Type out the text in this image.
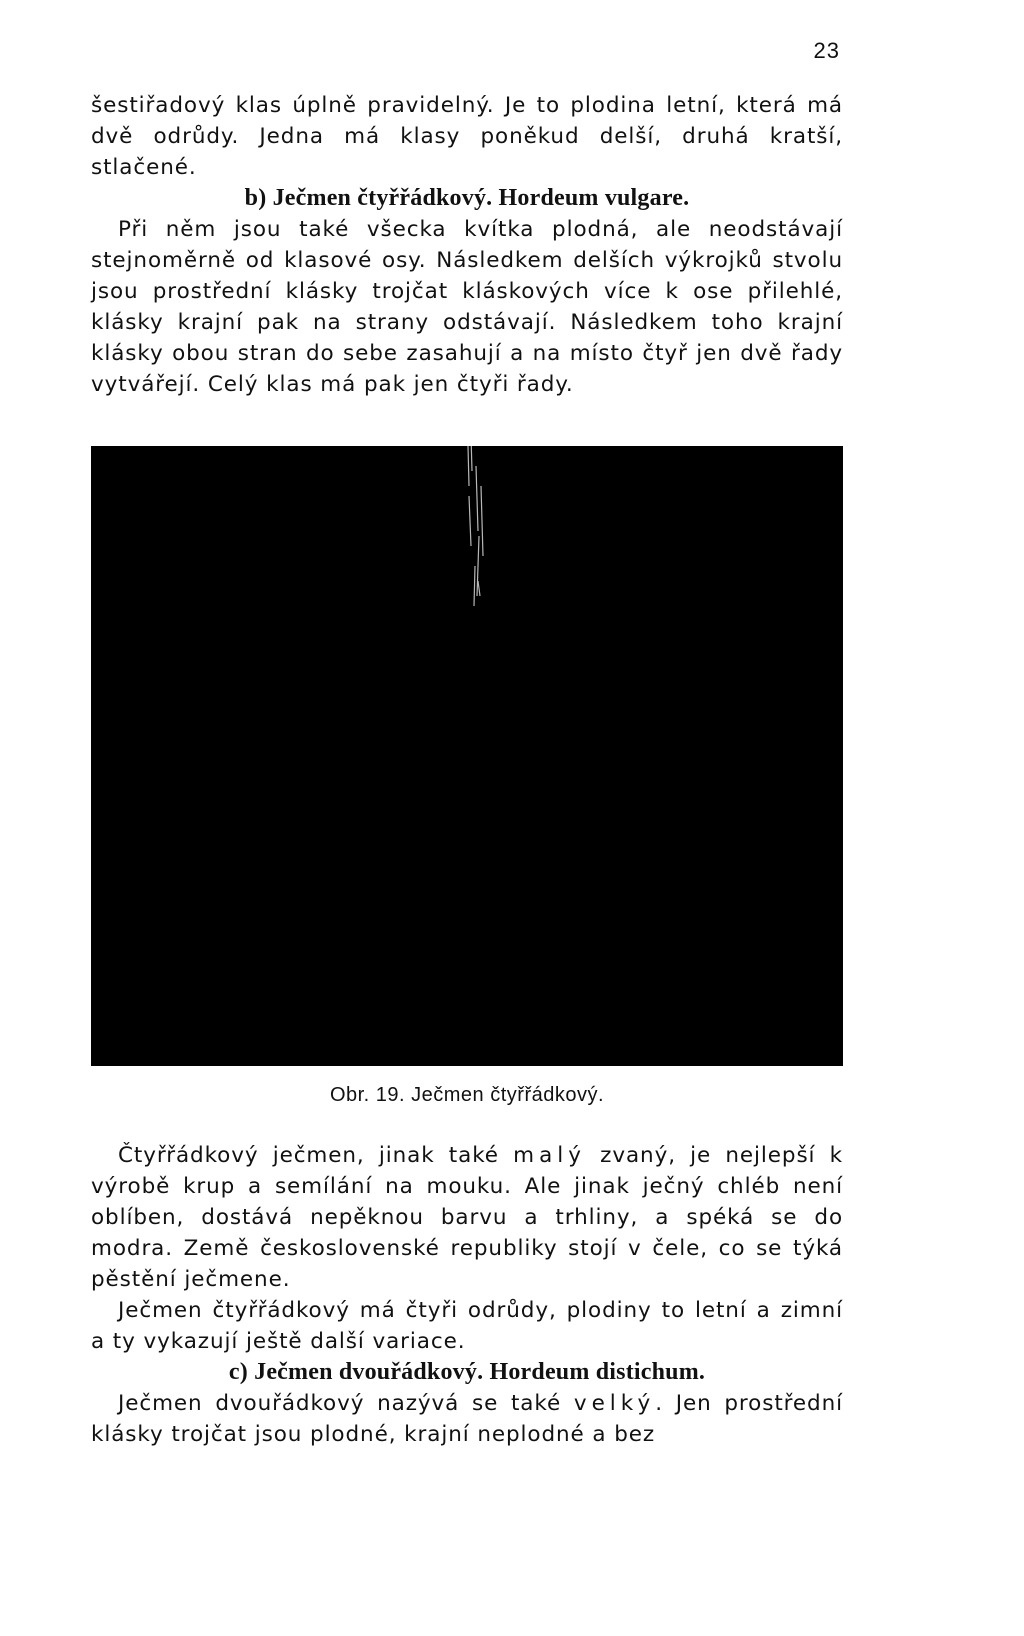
23

šestiřadový klas úplně pravidelný. Je to plodina letní, která má dvě odrůdy. Jedna má klasy poněkud delší, druhá kratší, stlačené.

b) Ječmen čtyřřádkový. Hordeum vulgare.

Při něm jsou také všecka kvítka plodná, ale neodstávají stejnoměrně od klasové osy. Následkem delších výkrojků stvolu jsou prostřední klásky trojčat kláskových více k ose přilehlé, klásky krajní pak na strany odstávají. Následkem toho krajní klásky obou stran do sebe zasahují a na místo čtyř jen dvě řady vytvářejí. Celý klas má pak jen čtyři řady.

Obr. 19. Ječmen čtyřřádkový.

Čtyřřádkový ječmen, jinak také malý zvaný, je nejlepší k výrobě krup a semílání na mouku. Ale jinak ječný chléb není oblíben, dostává nepěknou barvu a trhliny, a spéká se do modra. Země československé republiky stojí v čele, co se týká pěstění ječmene.

Ječmen čtyřřádkový má čtyři odrůdy, plodiny to letní a zimní a ty vykazují ještě další variace.

c) Ječmen dvouřádkový. Hordeum distichum.

Ječmen dvouřádkový nazývá se také velký. Jen prostřední klásky trojčat jsou plodné, krajní neplodné a bez
